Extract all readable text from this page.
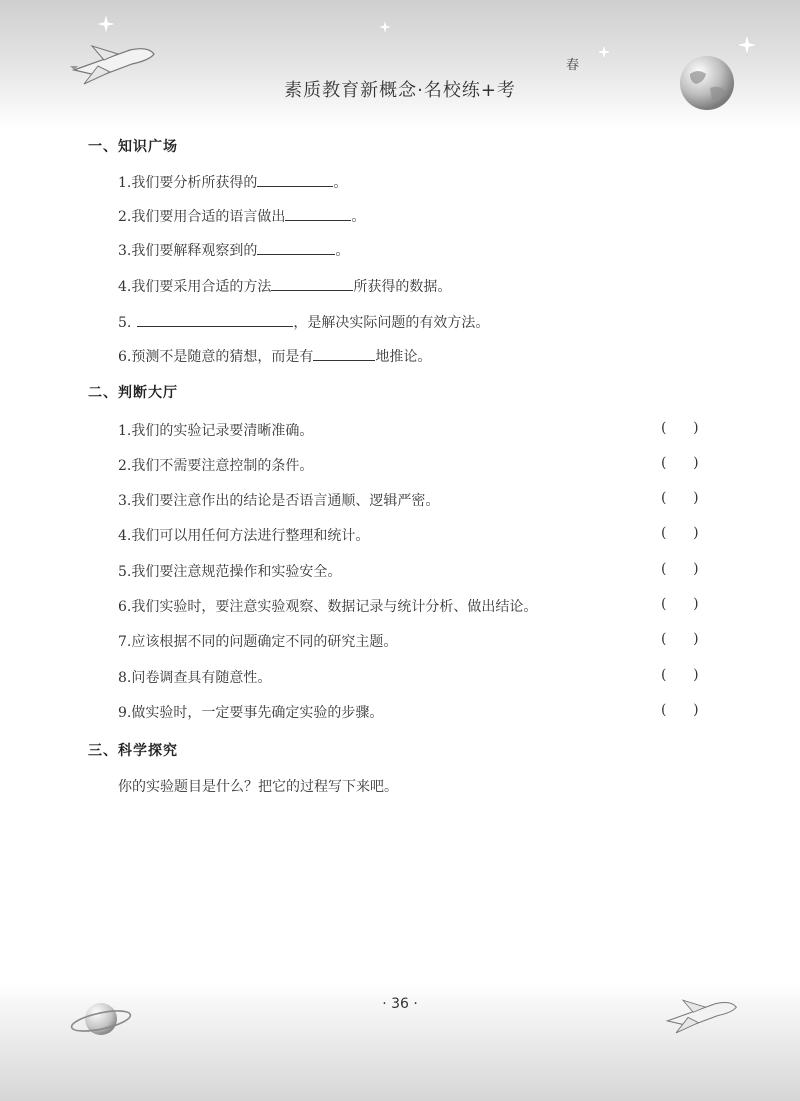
春
素质教育新概念·名校练+考
一、知识广场
1.我们要分析所获得的	。
2.我们要用合适的语言做出	。
3.我们要解释观察到的	。
4.我们要采用合适的方法	所获得的数据。
5.	，是解决实际问题的有效方法。
6.预测不是随意的猜想，而是有	地推论。
二、判断大厅
1.我们的实验记录要清晰准确。	(      )
2.我们不需要注意控制的条件。	(      )
3.我们要注意作出的结论是否语言通顺、逻辑严密。	(      )
4.我们可以用任何方法进行整理和统计。	(      )
5.我们要注意规范操作和实验安全。	(      )
6.我们实验时，要注意实验观察、数据记录与统计分析、做出结论。	(      )
7.应该根据不同的问题确定不同的研究主题。	(      )
8.问卷调查具有随意性。	(      )
9.做实验时，一定要事先确定实验的步骤。	(      )
三、科学探究
你的实验题目是什么？把它的过程写下来吧。
· 36 ·
